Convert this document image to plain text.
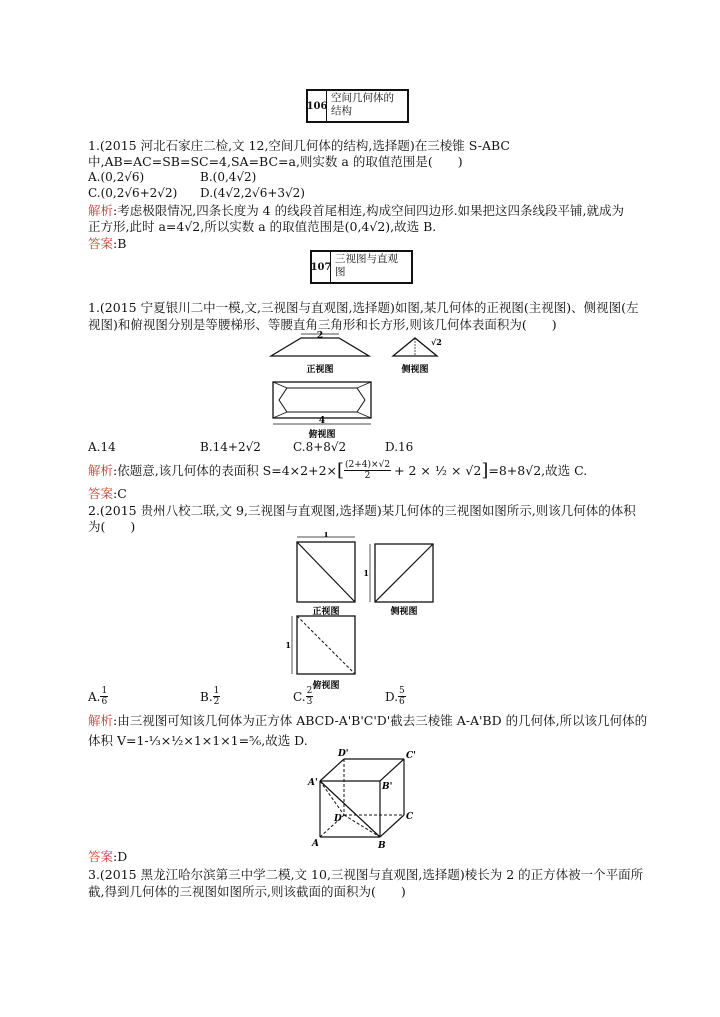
106
空间几何体的结构
1.(2015 河北石家庄二检,文 12,空间几何体的结构,选择题)在三棱锥 S-ABC
中,AB=AC=SB=SC=4,SA=BC=a,则实数 a 的取值范围是(　　)
A.(0,2√6)	B.(0,4√2)
C.(0,2√6+2√2) D.(4√2,2√6+3√2)
解析:考虑极限情况,四条长度为 4 的线段首尾相连,构成空间四边形.如果把这四条线段平铺,就成为
正方形,此时 a=4√2,所以实数 a 的取值范围是(0,4√2),故选 B.
答案:B
107
三视图与直观图
1.(2015 宁夏银川二中一模,文,三视图与直观图,选择题)如图,某几何体的正视图(主视图)、侧视图(左
视图)和俯视图分别是等腰梯形、等腰直角三角形和长方形,则该几何体表面积为(　　)
2
正视图
√2
侧视图
4
俯视图
A.14	B.14+2√2	C.8+8√2	D.16
解析 :依题意,该几何体的表面积 S=4×2+2× [ $\frac{(2+4)\times√2}{2} + 2$ × ½ × √2 ] =8+8√2,故选 C.
答案:C
2.(2015 贵州八校二联,文 9,三视图与直观图,选择题)某几何体的三视图如图所示,则该几何体的体积
为(　　)	1
正视图
1
侧视图
1
俯视图
A. 1
6	B. 1
2	C. 2
3	D. 5
6
解析:由三视图可知该几何体为正方体 ABCD-A'B'C'D'截去三棱锥 A-A'BD 的几何体,所以该几何体的
体积 V=1-⅓×½×1×1×1=⅚,故选 D.
D'	C'
A'	B'
D	C
A	B
答案:D
3.(2015 黑龙江哈尔滨第三中学二模,文 10,三视图与直观图,选择题)棱长为 2 的正方体被一个平面所
截,得到几何体的三视图如图所示,则该截面的面积为(　　)
